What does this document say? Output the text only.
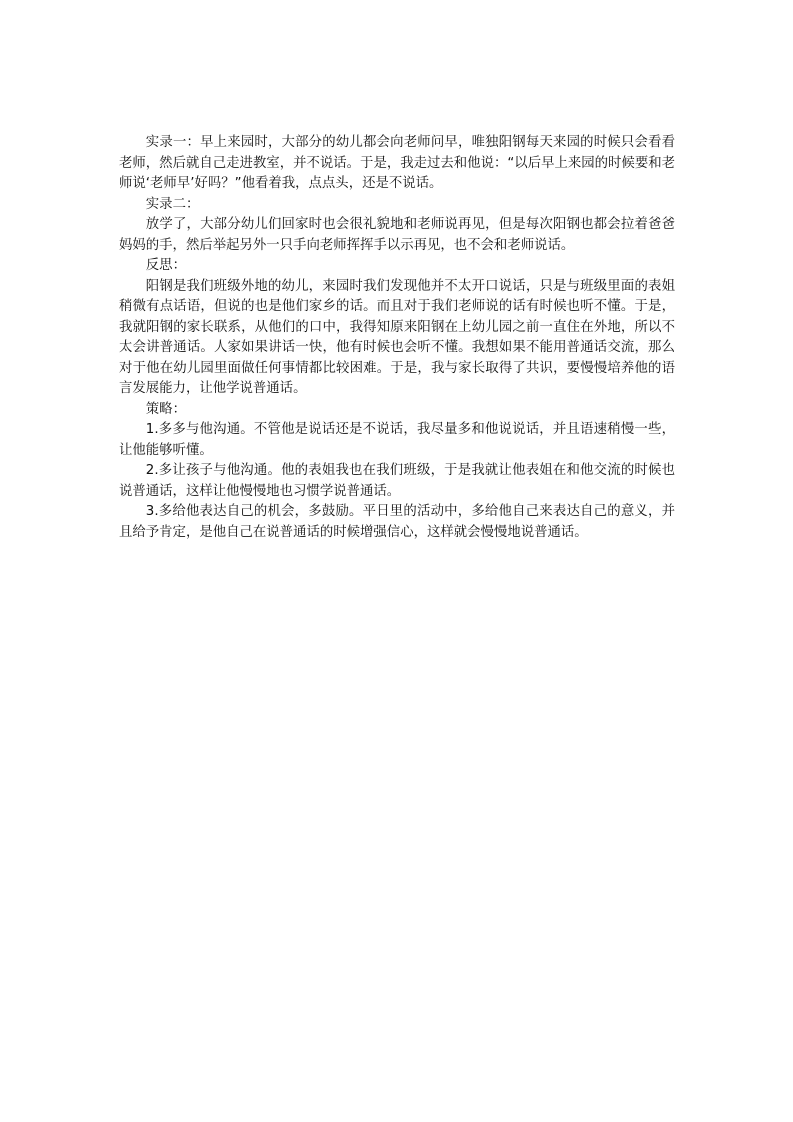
实录一：早上来园时，大部分的幼儿都会向老师问早，唯独阳钢每天来园的时候只会看看老师，然后就自己走进教室，并不说话。于是，我走过去和他说：“以后早上来园的时候要和老师说‘老师早’好吗？”他看着我，点点头，还是不说话。

实录二：

放学了，大部分幼儿们回家时也会很礼貌地和老师说再见，但是每次阳钢也都会拉着爸爸妈妈的手，然后举起另外一只手向老师挥挥手以示再见，也不会和老师说话。

反思：

阳钢是我们班级外地的幼儿，来园时我们发现他并不太开口说话，只是与班级里面的表姐稍微有点话语，但说的也是他们家乡的话。而且对于我们老师说的话有时候也听不懂。于是，我就阳钢的家长联系，从他们的口中，我得知原来阳钢在上幼儿园之前一直住在外地，所以不太会讲普通话。人家如果讲话一快，他有时候也会听不懂。我想如果不能用普通话交流，那么对于他在幼儿园里面做任何事情都比较困难。于是，我与家长取得了共识，要慢慢培养他的语言发展能力，让他学说普通话。

策略：

1.多多与他沟通。不管他是说话还是不说话，我尽量多和他说说话，并且语速稍慢一些，让他能够听懂。

2.多让孩子与他沟通。他的表姐我也在我们班级，于是我就让他表姐在和他交流的时候也说普通话，这样让他慢慢地也习惯学说普通话。

3.多给他表达自己的机会，多鼓励。平日里的活动中，多给他自己来表达自己的意义，并且给予肯定，是他自己在说普通话的时候增强信心，这样就会慢慢地说普通话。
